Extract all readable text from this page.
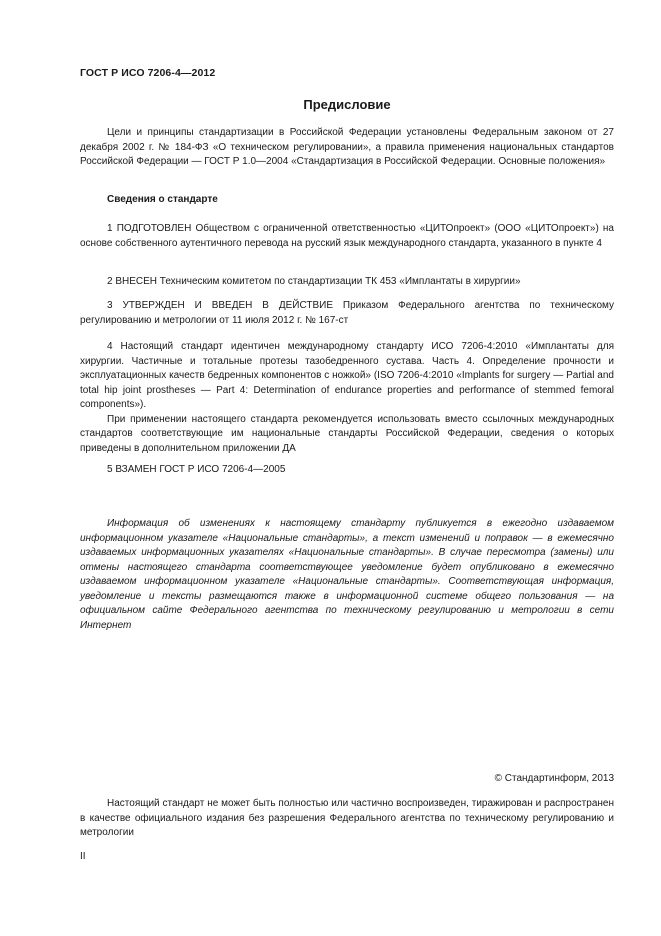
ГОСТ Р ИСО 7206-4—2012
Предисловие
Цели и принципы стандартизации в Российской Федерации установлены Федеральным законом от 27 декабря 2002 г. № 184-ФЗ «О техническом регулировании», а правила применения национальных стандартов Российской Федерации — ГОСТ Р 1.0—2004 «Стандартизация в Российской Федерации. Основные положения»
Сведения о стандарте
1 ПОДГОТОВЛЕН Обществом с ограниченной ответственностью «ЦИТОпроект» (ООО «ЦИТОпроект») на основе собственного аутентичного перевода на русский язык международного стандарта, указанного в пункте 4
2 ВНЕСЕН Техническим комитетом по стандартизации ТК 453 «Имплантаты в хирургии»
3 УТВЕРЖДЕН И ВВЕДЕН В ДЕЙСТВИЕ Приказом Федерального агентства по техническому регулированию и метрологии от 11 июля 2012 г. № 167-ст

4 Настоящий стандарт идентичен международному стандарту ИСО 7206-4:2010 «Имплантаты для хирургии. Частичные и тотальные протезы тазобедренного сустава. Часть 4. Определение прочности и эксплуатационных качеств бедренных компонентов с ножкой» (ISO 7206-4:2010 «Implants for surgery — Partial and total hip joint prostheses — Part 4: Determination of endurance properties and performance of stemmed femoral components»).

При применении настоящего стандарта рекомендуется использовать вместо ссылочных международных стандартов соответствующие им национальные стандарты Российской Федерации, сведения о которых приведены в дополнительном приложении ДА

5 ВЗАМЕН ГОСТ Р ИСО 7206-4—2005
Информация об изменениях к настоящему стандарту публикуется в ежегодно издаваемом информационном указателе «Национальные стандарты», а текст изменений и поправок — в ежемесячно издаваемых информационных указателях «Национальные стандарты». В случае пересмотра (замены) или отмены настоящего стандарта соответствующее уведомление будет опубликовано в ежемесячно издаваемом информационном указателе «Национальные стандарты». Соответствующая информация, уведомление и тексты размещаются также в информационной системе общего пользования — на официальном сайте Федерального агентства по техническому регулированию и метрологии в сети Интернет
© Стандартинформ, 2013
Настоящий стандарт не может быть полностью или частично воспроизведен, тиражирован и распространен в качестве официального издания без разрешения Федерального агентства по техническому регулированию и метрологии
II
